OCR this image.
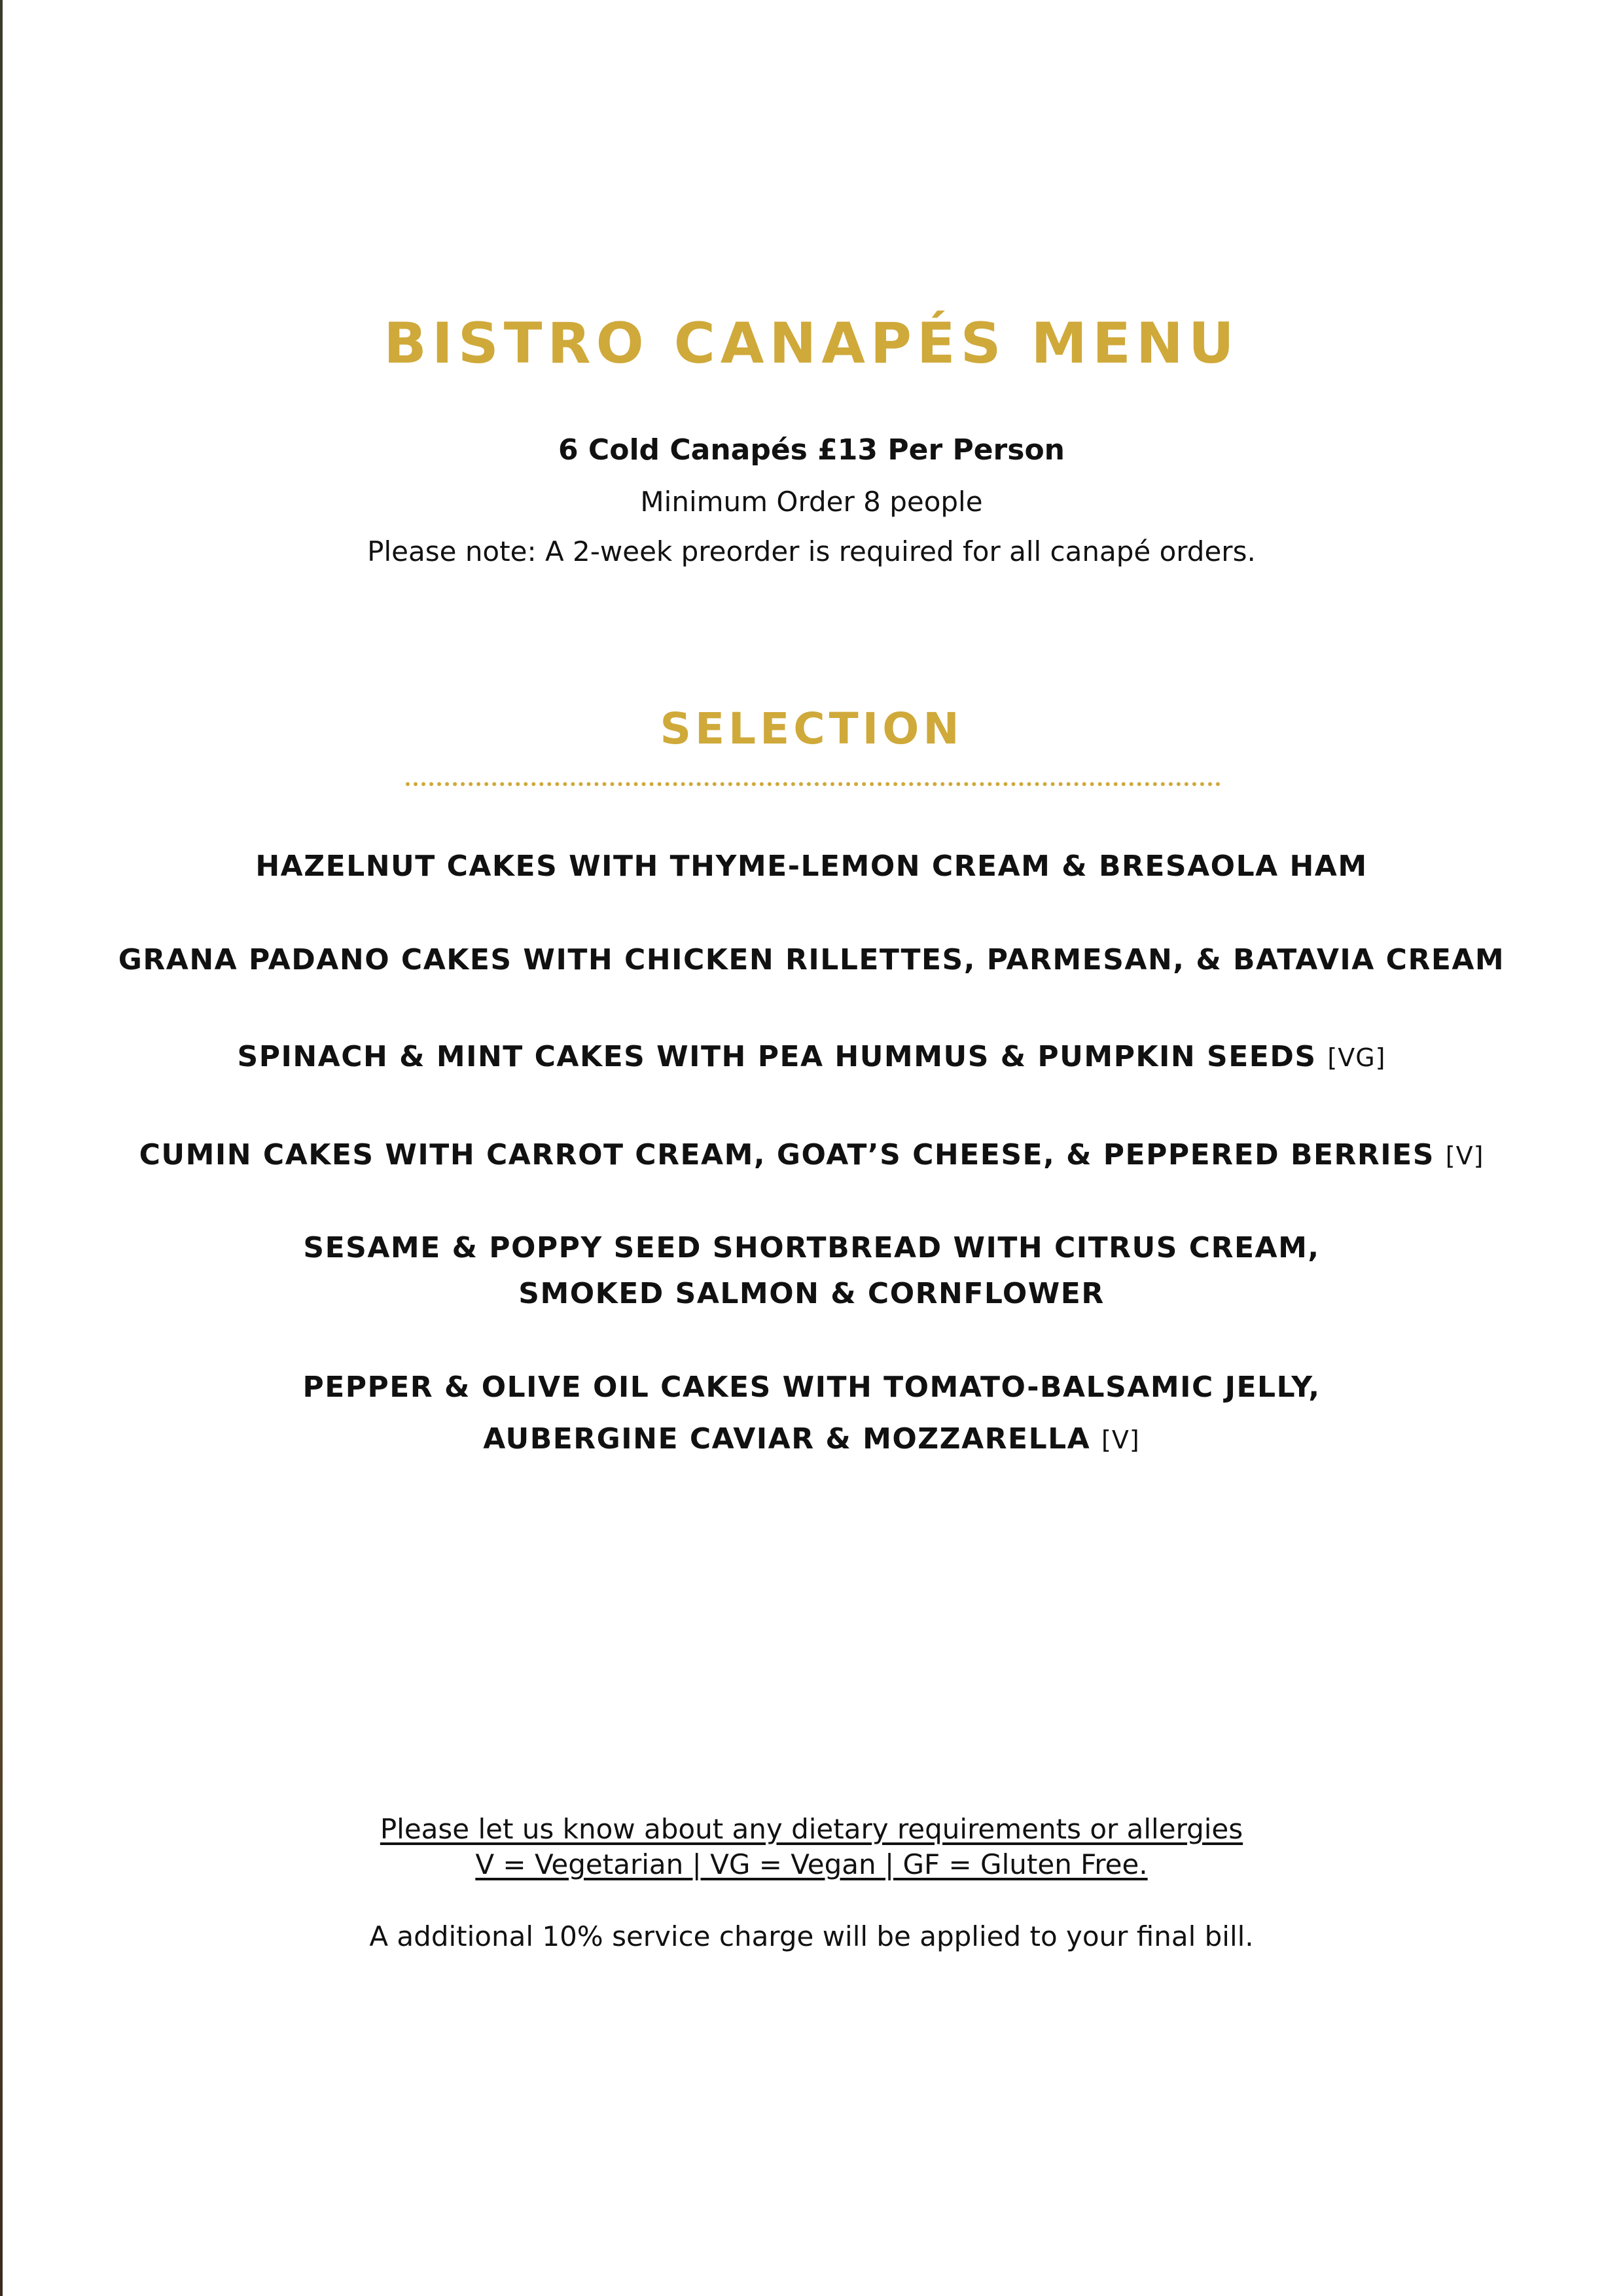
BISTRO CANAPÉS MENU
6 Cold Canapés £13 Per Person
Minimum Order 8 people
Please note: A 2-week preorder is required for all canapé orders.
SELECTION
HAZELNUT CAKES WITH THYME-LEMON CREAM & BRESAOLA HAM
GRANA PADANO CAKES WITH CHICKEN RILLETTES, PARMESAN, & BATAVIA CREAM
SPINACH & MINT CAKES WITH PEA HUMMUS & PUMPKIN SEEDS [VG]
CUMIN CAKES WITH CARROT CREAM, GOAT’S CHEESE, & PEPPERED BERRIES [V]
SESAME & POPPY SEED SHORTBREAD WITH CITRUS CREAM,
SMOKED SALMON & CORNFLOWER
PEPPER & OLIVE OIL CAKES WITH TOMATO-BALSAMIC JELLY,
AUBERGINE CAVIAR & MOZZARELLA [V]
Please let us know about any dietary requirements or allergies
V = Vegetarian | VG = Vegan | GF = Gluten Free.
A additional 10% service charge will be applied to your final bill.
